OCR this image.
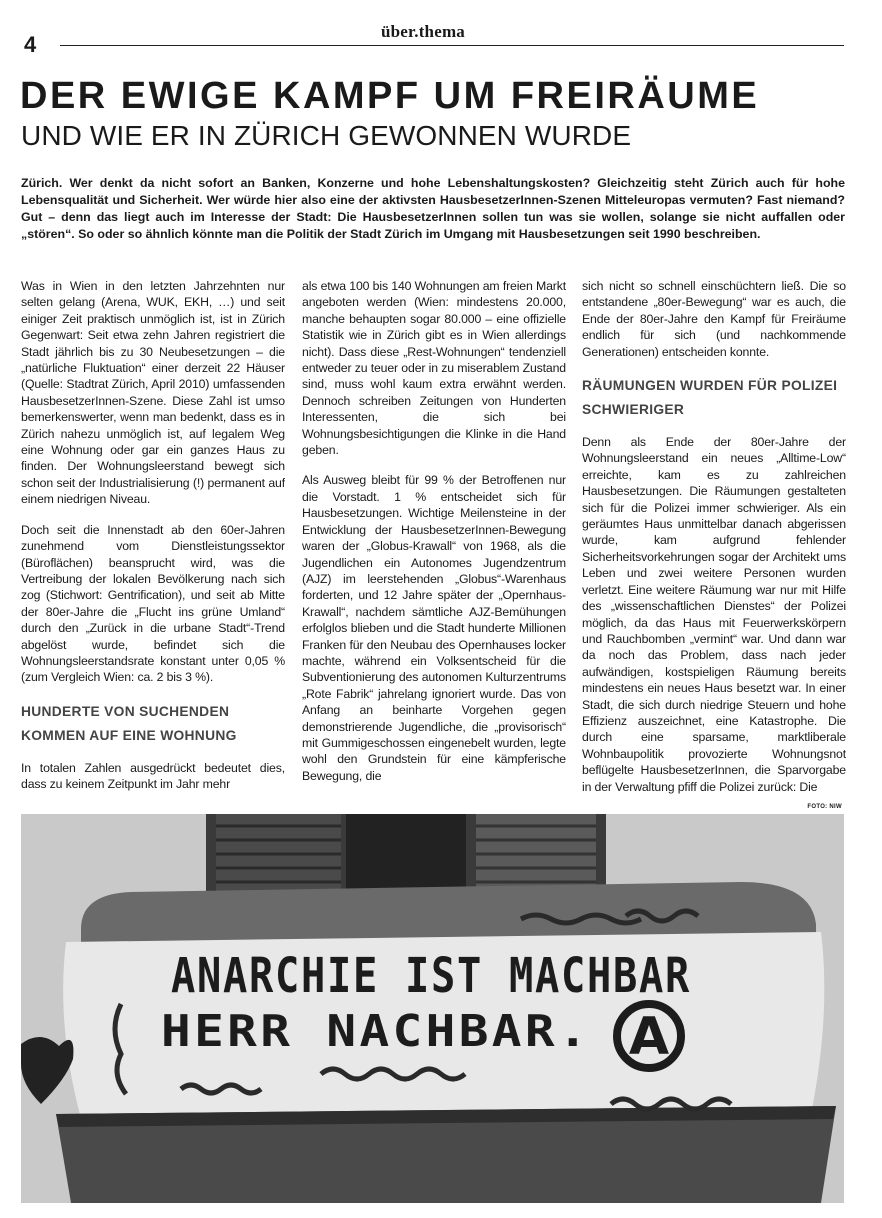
4
über.thema
DER EWIGE KAMPF UM FREIRÄUME
UND WIE ER IN ZÜRICH GEWONNEN WURDE

Zürich. Wer denkt da nicht sofort an Banken, Konzerne und hohe Lebenshaltungskosten? Gleichzeitig steht Zürich auch für hohe Lebensqualität und Sicherheit. Wer würde hier also eine der aktivsten HausbesetzerInnen-Szenen Mitteleuropas vermuten? Fast niemand? Gut – denn das liegt auch im Interesse der Stadt: Die HausbesetzerInnen sollen tun was sie wollen, solange sie nicht auffallen oder „stören“. So oder so ähnlich könnte man die Politik der Stadt Zürich im Umgang mit Hausbesetzungen seit 1990 beschreiben.

Was in Wien in den letzten Jahrzehnten nur selten gelang (Arena, WUK, EKH, …) und seit einiger Zeit praktisch unmöglich ist, ist in Zürich Gegenwart: Seit etwa zehn Jahren registriert die Stadt jährlich bis zu 30 Neubesetzungen – die „natürliche Fluktuation“ einer derzeit 22 Häuser (Quelle: Stadtrat Zürich, April 2010) umfassenden HausbesetzerInnen-Szene. Diese Zahl ist umso bemerkenswerter, wenn man bedenkt, dass es in Zürich nahezu unmöglich ist, auf legalem Weg eine Wohnung oder gar ein ganzes Haus zu finden. Der Wohnungsleerstand bewegt sich schon seit der Industrialisierung (!) permanent auf einem niedrigen Niveau.

Doch seit die Innenstadt ab den 60er-Jahren zunehmend vom Dienstleistungssektor (Büroflächen) beansprucht wird, was die Vertreibung der lokalen Bevölkerung nach sich zog (Stichwort: Gentrification), und seit ab Mitte der 80er-Jahre die „Flucht ins grüne Umland“ durch den „Zurück in die urbane Stadt“-Trend abgelöst wurde, befindet sich die Wohnungsleerstandsrate konstant unter 0,05 % (zum Vergleich Wien: ca. 2 bis 3 %).

HUNDERTE VON SUCHENDEN KOMMEN AUF EINE WOHNUNG

In totalen Zahlen ausgedrückt bedeutet dies, dass zu keinem Zeitpunkt im Jahr mehr

als etwa 100 bis 140 Wohnungen am freien Markt angeboten werden (Wien: mindestens 20.000, manche behaupten sogar 80.000 – eine offizielle Statistik wie in Zürich gibt es in Wien allerdings nicht). Dass diese „Rest-Wohnungen“ tendenziell entweder zu teuer oder in zu miserablem Zustand sind, muss wohl kaum extra erwähnt werden. Dennoch schreiben Zeitungen von Hunderten Interessenten, die sich bei Wohnungsbesichtigungen die Klinke in die Hand geben.

Als Ausweg bleibt für 99 % der Betroffenen nur die Vorstadt. 1 % entscheidet sich für Hausbesetzungen. Wichtige Meilensteine in der Entwicklung der HausbesetzerInnen-Bewegung waren der „Globus-Krawall“ von 1968, als die Jugendlichen ein Autonomes Jugendzentrum (AJZ) im leerstehenden „Globus“-Warenhaus forderten, und 12 Jahre später der „Opernhaus-Krawall“, nachdem sämtliche AJZ-Bemühungen erfolglos blieben und die Stadt hunderte Millionen Franken für den Neubau des Opernhauses locker machte, während ein Volksentscheid für die Subventionierung des autonomen Kulturzentrums „Rote Fabrik“ jahrelang ignoriert wurde. Das von Anfang an beinharte Vorgehen gegen demonstrierende Jugendliche, die „provisorisch“ mit Gummigeschossen eingenebelt wurden, legte wohl den Grundstein für eine kämpferische Bewegung, die

sich nicht so schnell einschüchtern ließ. Die so entstandene „80er-Bewegung“ war es auch, die Ende der 80er-Jahre den Kampf für Freiräume endlich für sich (und nachkommende Generationen) entscheiden konnte.

RÄUMUNGEN WURDEN FÜR POLIZEI SCHWIERIGER

Denn als Ende der 80er-Jahre der Wohnungsleerstand ein neues „Alltime-Low“ erreichte, kam es zu zahlreichen Hausbesetzungen. Die Räumungen gestalteten sich für die Polizei immer schwieriger. Als ein geräumtes Haus unmittelbar danach abgerissen wurde, kam aufgrund fehlender Sicherheitsvorkehrungen sogar der Architekt ums Leben und zwei weitere Personen wurden verletzt. Eine weitere Räumung war nur mit Hilfe des „wissenschaftlichen Dienstes“ der Polizei möglich, da das Haus mit Feuerwerkskörpern und Rauchbomben „vermint“ war. Und dann war da noch das Problem, dass nach jeder aufwändigen, kostspieligen Räumung bereits mindestens ein neues Haus besetzt war. In einer Stadt, die sich durch niedrige Steuern und hohe Effizienz auszeichnet, eine Katastrophe. Die durch eine sparsame, marktliberale Wohnbaupolitik provozierte Wohnungsnot beflügelte HausbesetzerInnen, die Sparvorgabe in der Verwaltung pfiff die Polizei zurück: Die

FOTO: NIW
ANARCHIE IST MACHBAR
HERR NACHBAR. A
